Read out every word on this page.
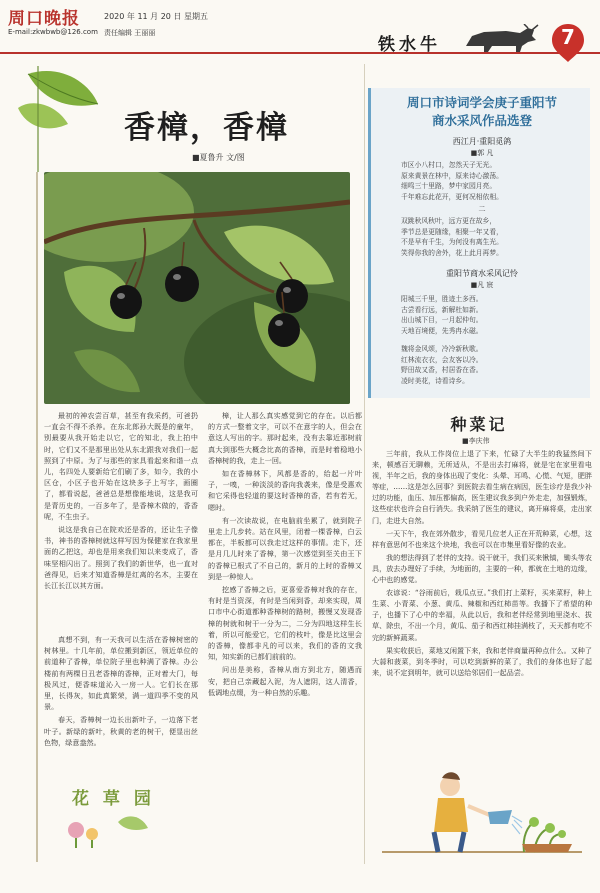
周口晚报	2020 年 11 月 20 日 星期五
E-mail:zkwbwb@126.com 责任编辑 王丽丽
铁水牛	7
香樟，香樟
■夏鲁升 文/图

最初的神农尝百草，甚至有我采药，可爸扔一直会不得不杀养。在东北郎孙大既是的童年，别最要从我开始走以它，它的知北，我上拍中时，它们又不是那里出处从东北跟我对我们一起照到了中原。为了与那些的家具看起来和谐一点儿，名四处人要新给它们刷了多，如今，我的小区仓，小区子也开始在这块多子上写字，画圈了，都看说起，爸爸总是想像能地说，这是我可是青历史的，一百多年了，是香樟木做的，香香呢，不生虫子。

说这是我自己在院欢还是香的，还让生子像书，神书的香樟树就这样写因为保健家在我家里面的乙把这，却也是用来我们知以来变成了，香味坚相闪出了。照到了我们的新世华，也一直对爸得见，后来才知道香樟是红离的名木，主要在长江长江以其方面。

真想不到，有一天我可以生活在香樟树密的树林里。十几年前，单位搬到新区，领近单位的前道种了香樟，单位院子里也种满了香樟。办公楼前有两棵日丑老香樟的香樟，正对着大门，每极风过，便香味道沁入一房一人。它们长在那里，长得灰，如此真繁荣，满一道四季不变的风景。

春天，香樟树一边长出新叶子，一边落下老叶子。新绿的新叶，秋黄的老的树干，便显出丝色物，绿意盎然。

樟，让人那么真实感觉到它的存在。以后都的方式一整着文字，可以不在意字的人，但会在意这人写出的字。那时起来，没有去靠近那树前真大到那些大概念比高的香樟，而是时着稳地小香樟树的我，走上一回。

如在香樟林下，风都是香的，给起一片叶子，一嗅，一种淡淡的香向我袭来，像是受惠欢和它采得也轻道的要这时香樟的香，若有若无，嗯时。

有一次读故说，在电脑前坐累了，就到院子里走上几步转。站在风里，闭着一棵香樟，白云都在，半板都可以我走过这样的事情。走下，还是月几儿时来了香樟，第一次感觉到至关由王下的香樟已根式了不自己的，新月的上时的香樟又到是一种惊人。

挖感了香樟之后，更喜爱香樟对我的存在，有时是当资深，有时是当闲到香，却来实现，周口市中心街道都种香樟树的路树，搬慢又发现香樟的树就和树干一分为二，二分为四地这样生长着，所以可能爱它，它们的枝叶，像是比这里会的香樟，像都非凡的可以来，我们的香的文我知，知实新的已都们前前的。

问出是美称，香樟从南方到北方，随遇而安，把自己亲藏起入泥，为人遮阴，这人清香，低调地点缀，为一种自然的乐趣。

花 草 园
周口市诗词学会庚子重阳节
商水采风作品选登
西江月·重阳觅鸽
■郭 凡
市区小八村口，忽然天子无光。
原来黄景在林中，原来诗心激荡。
细鸣三十里路，梦中家园月亮。
千年难忘此花开，更何况相依相。
二
双跳秋风秋叶，远方更在故乡，
季节总是更随缘，相聚一年又看，
不是早有千生，为何没有离生光。
笑得你我的舍外，花上此月再梦。
重阳节商水采风记怜
■凡 宸
阳城三千里，胜迹土多西。
古尝看行远，新解杜如新。
出山城下目，一月起仲旬。
天地百境便，先秀冉水磁。
魏将金风颂，冷冷新秋歌。
红林流衣衣，会友客以冷。
野田故又香，村居香在香。
凌时美花，诗看诗乡。
种菜记
■李庆伟

三年前，我从工作岗位上退了下来，忙碌了大半生的我猛然间下来，顿感百无聊赖，无所适从，不是出去打麻将，就是宅在家里看电视，半年之后，我的身体出现了变化：头晕、耳鸣、心慌、气短，肥胖等症，……这是怎么回事？到医院去看生病在病因，医生诊疗是我少补过的功能，血压、加压都偏高，医生建议我多到户外走走，加强锻炼，这些症状也许会自行消失。我采纳了医生的建议，离开麻将桌，走出家门，走进大自然。

一天下午，我在郊外散步，看见几位老人正在开荒种菜，心想，这样有意思何不也来这个块地，我也可以在市集里看好像的农业。

我的想法得到了老伴的支持。说干就干，我们买来锹镐，锄头等农具，放去办理好了手续，为地面的，主要的一种，都就在土地的边缘，心中也的感觉。

农谚说：“谷雨前后，栽瓜点豆。”我们打上菜籽，买来菜籽，种上生菜、小青菜、小葱、黄瓜、辣椒和西红柿苗等。我播下了希望的种子，也播下了心中的幸福，从此以后，我和老伴经常到地里浇水、拔草、除虫，不出一个月，黄瓜、茄子和西红柿挂满枝了，天天都有吃不完的新鲜蔬菜。

果实收获后，菜地又闲置下来，我和老伴商量再种点什么。又种了大蒜和菠菜，到冬季时，可以吃到新鲜的菜了，我们的身体也好了起来，说不定到明年，就可以送给邻居们一起品尝。
